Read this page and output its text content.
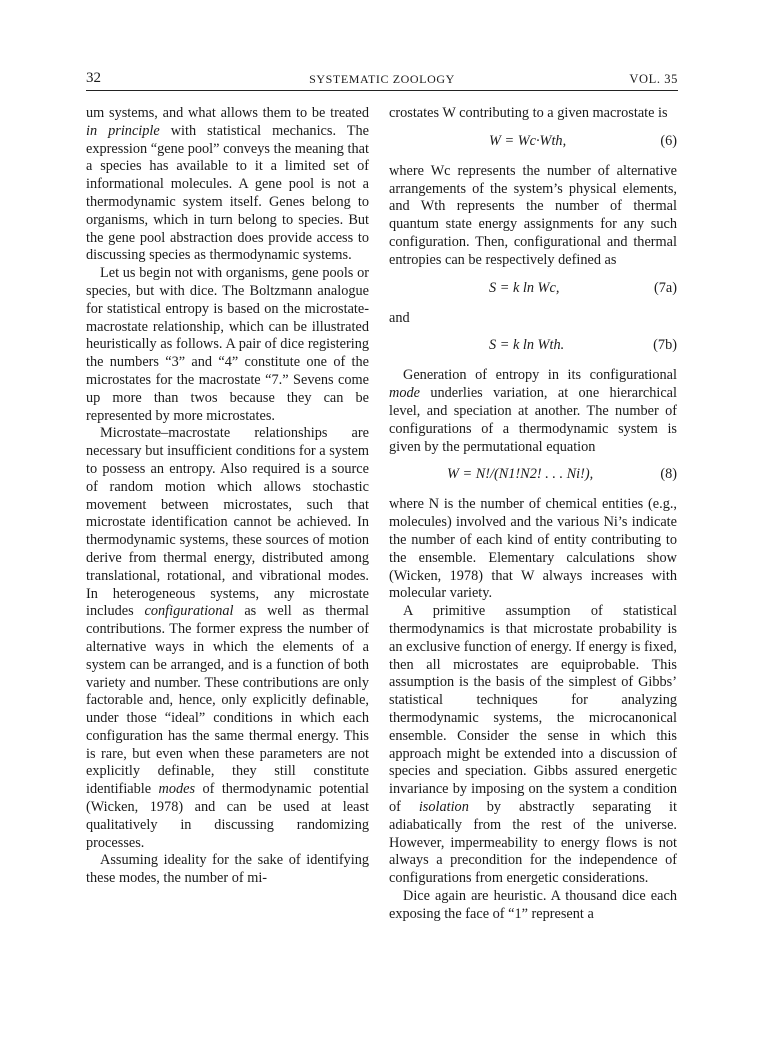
32	SYSTEMATIC ZOOLOGY	VOL. 35

um systems, and what allows them to be treated in principle with statistical mechanics. The expression “gene pool” conveys the meaning that a species has available to it a limited set of informational molecules. A gene pool is not a thermodynamic system itself. Genes belong to organisms, which in turn belong to species. But the gene pool abstraction does provide access to discussing species as thermodynamic systems.

Let us begin not with organisms, gene pools or species, but with dice. The Boltzmann analogue for statistical entropy is based on the microstate-macrostate relationship, which can be illustrated heuristically as follows. A pair of dice registering the numbers “3” and “4” constitute one of the microstates for the macrostate “7.” Sevens come up more than twos because they can be represented by more microstates.

Microstate–macrostate relationships are necessary but insufficient conditions for a system to possess an entropy. Also required is a source of random motion which allows stochastic movement between microstates, such that microstate identification cannot be achieved. In thermodynamic systems, these sources of motion derive from thermal energy, distributed among translational, rotational, and vibrational modes. In heterogeneous systems, any microstate includes configurational as well as thermal contributions. The former express the number of alternative ways in which the elements of a system can be arranged, and is a function of both variety and number. These contributions are only factorable and, hence, only explicitly definable, under those “ideal” conditions in which each configuration has the same thermal energy. This is rare, but even when these parameters are not explicitly definable, they still constitute identifiable modes of thermodynamic potential (Wicken, 1978) and can be used at least qualitatively in discussing randomizing processes.

Assuming ideality for the sake of identifying these modes, the number of mi-

crostates W contributing to a given macrostate is

W = Wc·Wth,	(6)

where Wc represents the number of alternative arrangements of the system’s physical elements, and Wth represents the number of thermal quantum state energy assignments for any such configuration. Then, configurational and thermal entropies can be respectively defined as

S = k ln Wc,	(7a)

and

S = k ln Wth.	(7b)

Generation of entropy in its configurational mode underlies variation, at one hierarchical level, and speciation at another. The number of configurations of a thermodynamic system is given by the permutational equation

W = N!/(N1!N2! . . . Ni!),	(8)

where N is the number of chemical entities (e.g., molecules) involved and the various Ni’s indicate the number of each kind of entity contributing to the ensemble. Elementary calculations show (Wicken, 1978) that W always increases with molecular variety.

A primitive assumption of statistical thermodynamics is that microstate probability is an exclusive function of energy. If energy is fixed, then all microstates are equiprobable. This assumption is the basis of the simplest of Gibbs’ statistical techniques for analyzing thermodynamic systems, the microcanonical ensemble. Consider the sense in which this approach might be extended into a discussion of species and speciation. Gibbs assured energetic invariance by imposing on the system a condition of isolation by abstractly separating it adiabatically from the rest of the universe. However, impermeability to energy flows is not always a precondition for the independence of configurations from energetic considerations.

Dice again are heuristic. A thousand dice each exposing the face of “1” represent a
